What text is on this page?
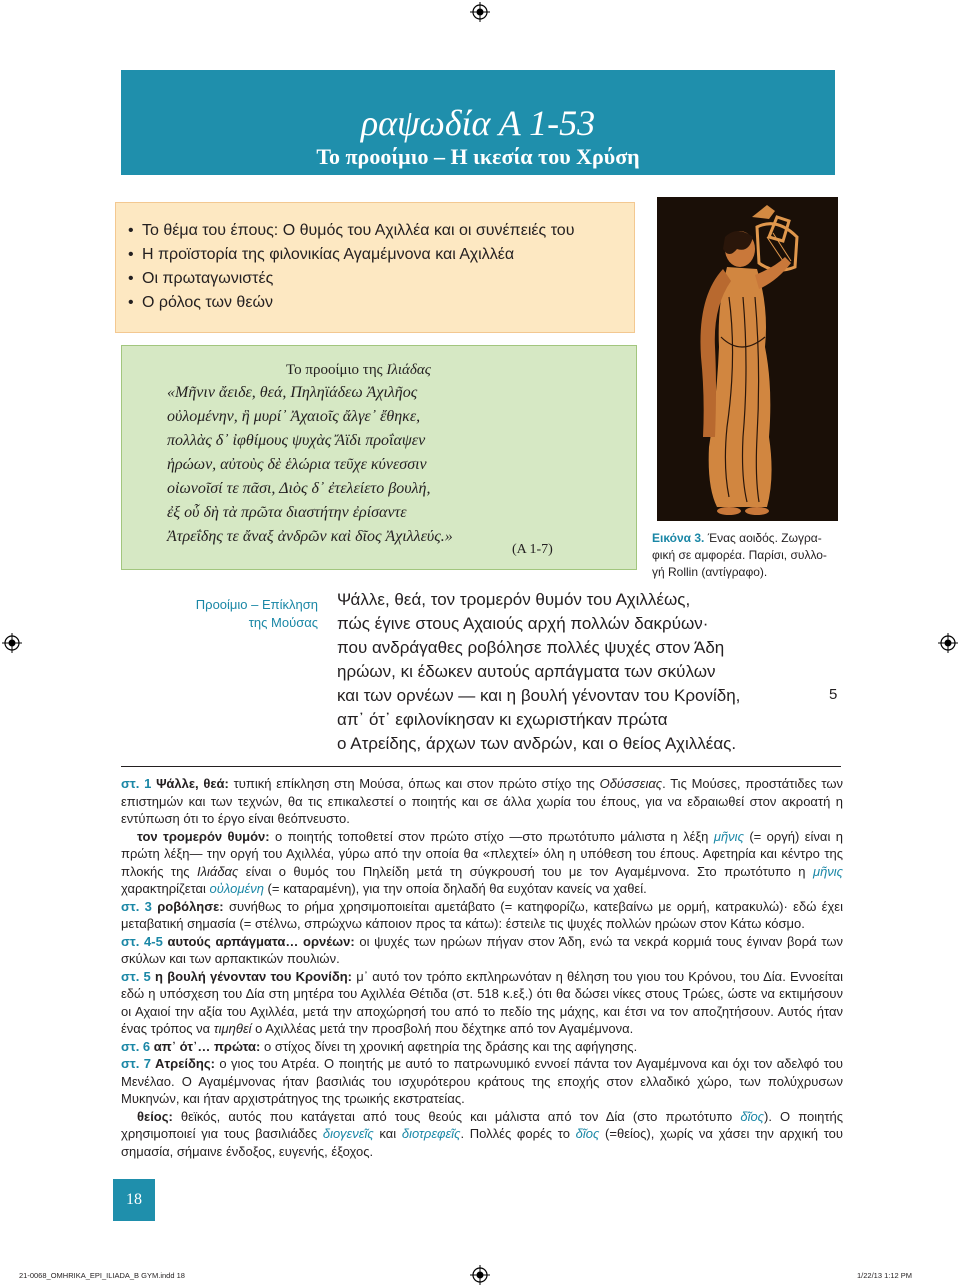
ραψωδία Α 1-53
Το προοίμιο – Η ικεσία του Χρύση
• Το θέμα του έπους: Ο θυμός του Αχιλλέα και οι συνέπειές του
• Η προϊστορία της φιλονικίας Αγαμέμνονα και Αχιλλέα
• Οι πρωταγωνιστές
• Ο ρόλος των θεών
Εικόνα 3. Ένας αοιδός. Ζωγρα-
φική σε αμφορέα. Παρίσι, συλλο-
γή Rollin (αντίγραφο).
Το προοίμιο της Ιλιάδας
«Μῆνιν ἄειδε, θεά, Πηληϊάδεω Ἀχιλῆος
οὐλομένην, ἣ μυρί᾽ Ἀχαιοῖς ἄλγε᾽ ἔθηκε,
πολλὰς δ᾽ ἰφθίμους ψυχὰς Ἄϊδι προΐαψεν
ἡρώων, αὐτοὺς δὲ ἑλώρια τεῦχε κύνεσσιν
οἰωνοῖσί τε πᾶσι, Διὸς δ᾽ ἐτελείετο βουλή,
ἐξ οὗ δὴ τὰ πρῶτα διαστήτην ἐρίσαντε
Ἀτρεΐδης τε ἄναξ ἀνδρῶν καὶ δῖος Ἀχιλλεύς.»
(Α 1-7)
Προοίμιο – Επίκληση
της Μούσας
Ψάλλε, θεά, τον τρομερόν θυμόν του Αχιλλέως,
πώς έγινε στους Αχαιούς αρχή πολλών δακρύων·
που ανδράγαθες ροβόλησε πολλές ψυχές στον Άδη
ηρώων, κι έδωκεν αυτούς αρπάγματα των σκύλων
και των ορνέων — και η βουλή γένονταν του Κρονίδη,
απ᾽ ότ᾽ εφιλονίκησαν κι εχωριστήκαν πρώτα
ο Ατρείδης, άρχων των ανδρών, και ο θείος Αχιλλέας.
5

στ. 1 Ψάλλε, θεά: τυπική επίκληση στη Μούσα, όπως και στον πρώτο στίχο της Οδύσσειας. Τις Μούσες, προστάτιδες των επιστημών και των τεχνών, θα τις επικαλεστεί ο ποιητής και σε άλλα χωρία του έπους, για να εδραιωθεί στον ακροατή η εντύπωση ότι το έργο είναι θεόπνευστο.

τον τρομερόν θυμόν: ο ποιητής τοποθετεί στον πρώτο στίχο —στο πρωτότυπο μάλιστα η λέξη μῆνις (= οργή) είναι η πρώτη λέξη— την οργή του Αχιλλέα, γύρω από την οποία θα «πλεχτεί» όλη η υπόθεση του έπους. Αφετηρία και κέντρο της πλοκής της Ιλιάδας είναι ο θυμός του Πηλείδη μετά τη σύγκρουσή του με τον Αγαμέμνονα. Στο πρωτότυπο η μῆνις χαρακτηρίζεται οὐλομένη (= καταραμένη), για την οποία δηλαδή θα ευχόταν κανείς να χαθεί.

στ. 3 ροβόλησε: συνήθως το ρήμα χρησιμοποιείται αμετάβατο (= κατηφορίζω, κατεβαίνω με ορμή, κατρακυλώ)· εδώ έχει μεταβατική σημασία (= στέλνω, σπρώχνω κάποιον προς τα κάτω): έστειλε τις ψυχές πολλών ηρώων στον Κάτω κόσμο.

στ. 4-5 αυτούς αρπάγματα… ορνέων: οι ψυχές των ηρώων πήγαν στον Άδη, ενώ τα νεκρά κορμιά τους έγιναν βορά των σκύλων και των αρπακτικών πουλιών.

στ. 5 η βουλή γένονταν του Κρονίδη: μ᾽ αυτό τον τρόπο εκπληρωνόταν η θέληση του γιου του Κρόνου, του Δία. Εννοείται εδώ η υπόσχεση του Δία στη μητέρα του Αχιλλέα Θέτιδα (στ. 518 κ.εξ.) ότι θα δώσει νίκες στους Τρώες, ώστε να εκτιμήσουν οι Αχαιοί την αξία του Αχιλλέα, μετά την αποχώρησή του από το πεδίο της μάχης, και έτσι να τον αποζητήσουν. Αυτός ήταν ένας τρόπος να τιμηθεί ο Αχιλλέας μετά την προσβολή που δέχτηκε από τον Αγαμέμνονα.

στ. 6 απ᾽ ότ᾽… πρώτα: ο στίχος δίνει τη χρονική αφετηρία της δράσης και της αφήγησης.

στ. 7 Ατρείδης: ο γιος του Ατρέα. Ο ποιητής με αυτό το πατρωνυμικό εννοεί πάντα τον Αγαμέμνονα και όχι τον αδελφό του Μενέλαο. Ο Αγαμέμνονας ήταν βασιλιάς του ισχυρότερου κράτους της εποχής στον ελλαδικό χώρο, των πολύχρυσων Μυκηνών, και ήταν αρχιστράτηγος της τρωικής εκστρατείας.

θείος: θεϊκός, αυτός που κατάγεται από τους θεούς και μάλιστα από τον Δία (στο πρωτότυπο δῖος). Ο ποιητής χρησιμοποιεί για τους βασιλιάδες διογενεῖς και διοτρεφεῖς. Πολλές φορές το δῖος (=θείος), χωρίς να χάσει την αρχική του σημασία, σήμαινε ένδοξος, ευγενής, έξοχος.

18
21-0068_OMHRIKA_EPI_ILIADA_B GYM.indd 18	1/22/13 1:12 PM
